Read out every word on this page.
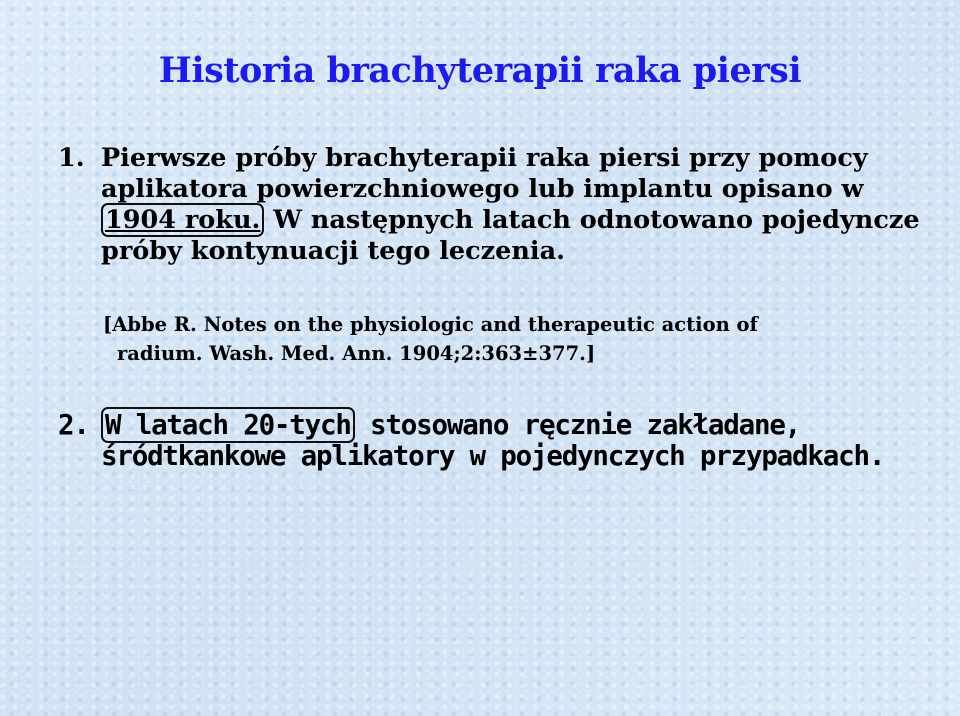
Historia brachyterapii raka piersi
1. Pierwsze próby brachyterapii raka piersi przy pomocy aplikatora powierzchniowego lub implantu opisano w 1904 roku. W następnych latach odnotowano pojedyncze próby kontynuacji tego leczenia.
[Abbe R. Notes on the physiologic and therapeutic action of
radium. Wash. Med. Ann. 1904;2:363±377.]
2. W latach 20-tych stosowano ręcznie zakładane, śródtkankowe aplikatory w pojedynczych przypadkach.
